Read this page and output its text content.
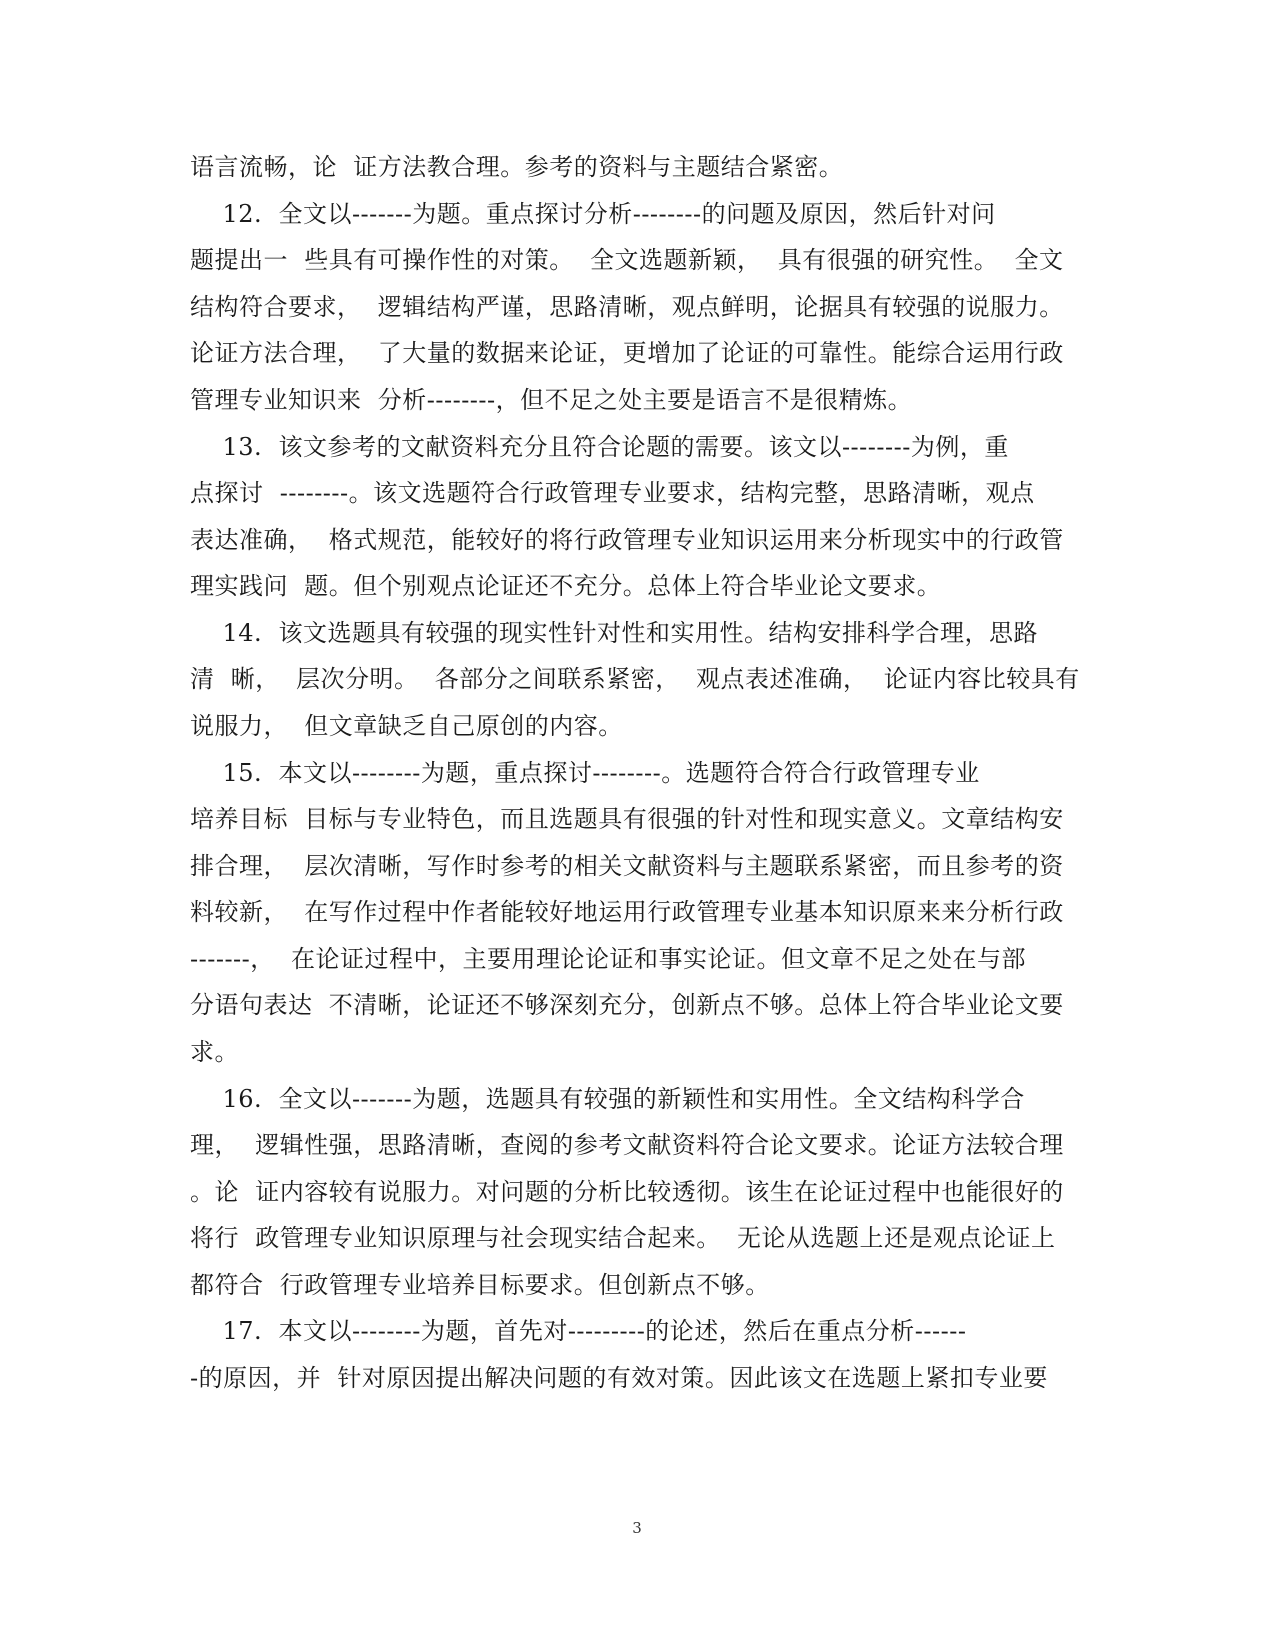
语言流畅，论  证方法教合理。参考的资料与主题结合紧密。
12.  全文以-------为题。重点探讨分析--------的问题及原因，然后针对问
题提出一  些具有可操作性的对策。  全文选题新颖，  具有很强的研究性。  全文
结构符合要求，  逻辑结构严谨，思路清晰，观点鲜明，论据具有较强的说服力。
论证方法合理，  了大量的数据来论证，更增加了论证的可靠性。能综合运用行政
管理专业知识来  分析--------，但不足之处主要是语言不是很精炼。
13.  该文参考的文献资料充分且符合论题的需要。该文以--------为例，重
点探讨  --------。该文选题符合行政管理专业要求，结构完整，思路清晰，观点
表达准确，  格式规范，能较好的将行政管理专业知识运用来分析现实中的行政管
理实践问  题。但个别观点论证还不充分。总体上符合毕业论文要求。
14.  该文选题具有较强的现实性针对性和实用性。结构安排科学合理，思路
清  晰，  层次分明。  各部分之间联系紧密，  观点表述准确，  论证内容比较具有
说服力，  但文章缺乏自己原创的内容。
15.  本文以--------为题，重点探讨--------。选题符合符合行政管理专业
培养目标  目标与专业特色，而且选题具有很强的针对性和现实意义。文章结构安
排合理，  层次清晰，写作时参考的相关文献资料与主题联系紧密，而且参考的资
料较新，  在写作过程中作者能较好地运用行政管理专业基本知识原来来分析行政
-------，  在论证过程中，主要用理论论证和事实论证。但文章不足之处在与部
分语句表达  不清晰，论证还不够深刻充分，创新点不够。总体上符合毕业论文要
求。
16.  全文以-------为题，选题具有较强的新颖性和实用性。全文结构科学合
理，  逻辑性强，思路清晰，查阅的参考文献资料符合论文要求。论证方法较合理
。论  证内容较有说服力。对问题的分析比较透彻。该生在论证过程中也能很好的
将行  政管理专业知识原理与社会现实结合起来。  无论从选题上还是观点论证上
都符合  行政管理专业培养目标要求。但创新点不够。
17.  本文以--------为题，首先对---------的论述，然后在重点分析------
-的原因，并  针对原因提出解决问题的有效对策。因此该文在选题上紧扣专业要
3
